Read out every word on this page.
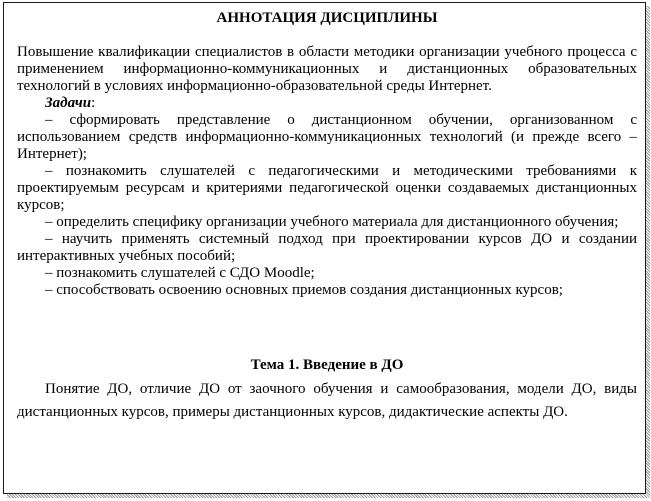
АННОТАЦИЯ ДИСЦИПЛИНЫ

Повышение квалификации специалистов в области методики организации учебного процесса с применением информационно-коммуникационных и дистанционных образовательных технологий в условиях информационно-образовательной среды Интернет.

Задачи:

– сформировать представление о дистанционном обучении, организованном с использованием средств информационно-коммуникационных технологий (и прежде всего – Интернет);

– познакомить слушателей с педагогическими и методическими требованиями к проектируемым ресурсам и критериями педагогической оценки создаваемых дистанционных курсов;

– определить специфику организации учебного материала для дистанционного обучения;

– научить применять системный подход при проектировании курсов ДО и создании интерактивных учебных пособий;

– познакомить слушателей с СДО Moodle;

– способствовать освоению основных приемов создания дистанционных курсов;

Тема 1. Введение в ДО

Понятие ДО, отличие ДО от заочного обучения и самообразования, модели ДО, виды дистанционных курсов, примеры дистанционных курсов, дидактические аспекты ДО.
